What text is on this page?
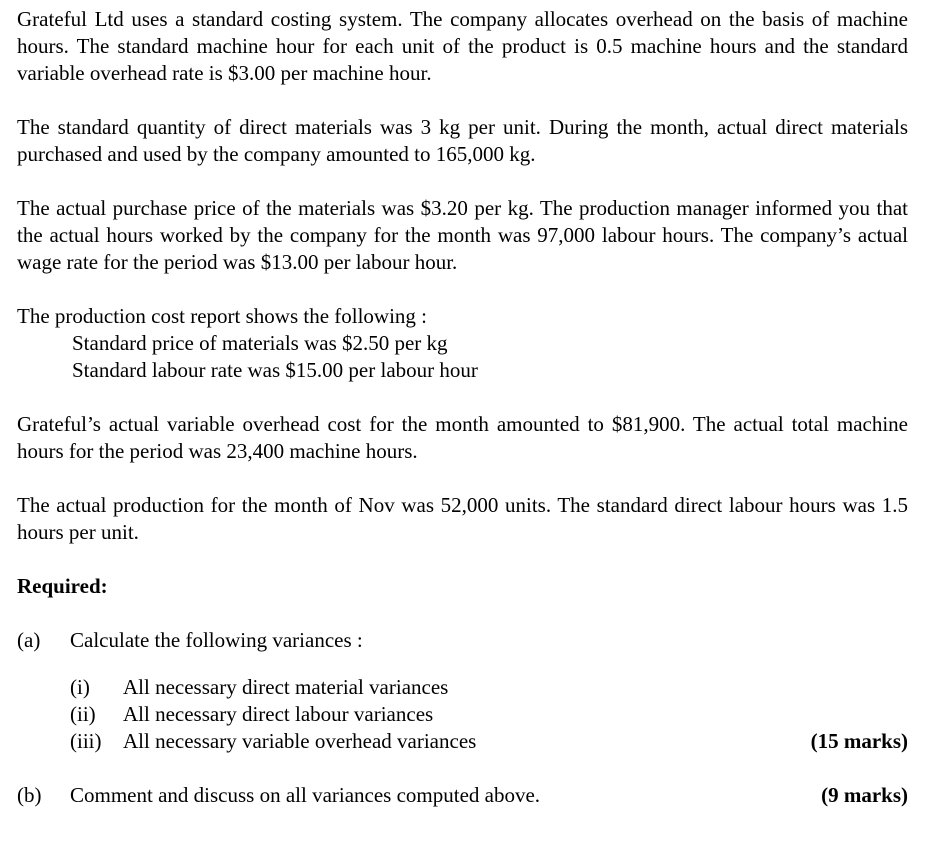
Grateful Ltd uses a standard costing system. The company allocates overhead on the basis of machine hours. The standard machine hour for each unit of the product is 0.5 machine hours and the standard variable overhead rate is $3.00 per machine hour.

The standard quantity of direct materials was 3 kg per unit. During the month, actual direct materials purchased and used by the company amounted to 165,000 kg.

The actual purchase price of the materials was $3.20 per kg. The production manager informed you that the actual hours worked by the company for the month was 97,000 labour hours. The company’s actual wage rate for the period was $13.00 per labour hour.

The production cost report shows the following :
Standard price of materials was $2.50 per kg
Standard labour rate was $15.00 per labour hour

Grateful’s actual variable overhead cost for the month amounted to $81,900. The actual total machine hours for the period was 23,400 machine hours.

The actual production for the month of Nov was 52,000 units. The standard direct labour hours was 1.5 hours per unit.

Required:
(a)	Calculate the following variances :
(i)	All necessary direct material variances
(ii)	All necessary direct labour variances
(iii)	All necessary variable overhead variances	(15 marks)
(b)	Comment and discuss on all variances computed above.	(9 marks)
